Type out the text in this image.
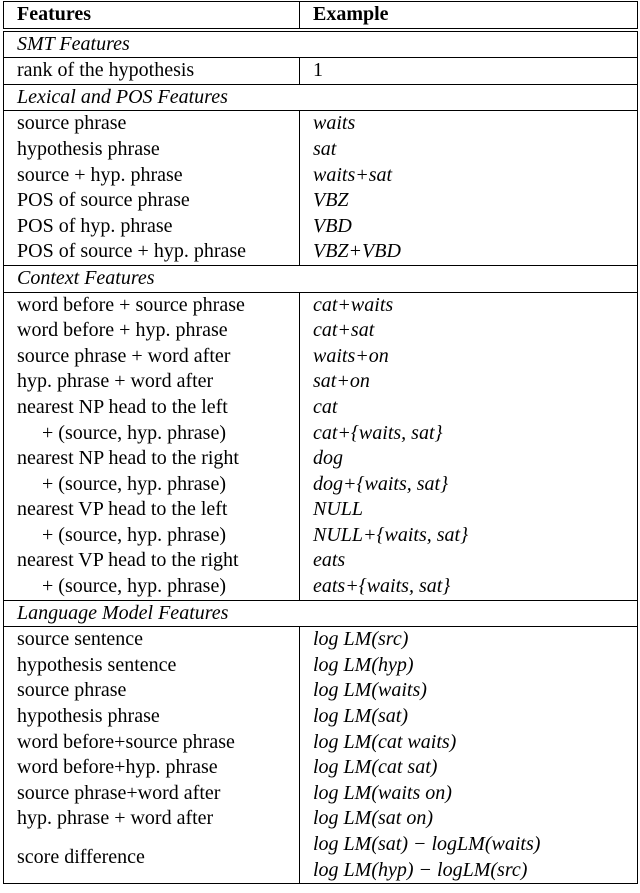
Features	Example
SMT Features	
rank of the hypothesis	1
Lexical and POS Features	
source phrase	waits
hypothesis phrase	sat
source + hyp. phrase	waits+sat
POS of source phrase	VBZ
POS of hyp. phrase	VBD
POS of source + hyp. phrase	VBZ+VBD
Context Features	
word before + source phrase	cat+waits
word before + hyp. phrase	cat+sat
source phrase + word after	waits+on
hyp. phrase + word after	sat+on
nearest NP head to the left	cat
+ (source, hyp. phrase)	cat+{waits, sat}
nearest NP head to the right	dog
+ (source, hyp. phrase)	dog+{waits, sat}
nearest VP head to the left	NULL
+ (source, hyp. phrase)	NULL+{waits, sat}
nearest VP head to the right	eats
+ (source, hyp. phrase)	eats+{waits, sat}
Language Model Features	
source sentence	log LM(src)
hypothesis sentence	log LM(hyp)
source phrase	log LM(waits)
hypothesis phrase	log LM(sat)
word before+source phrase	log LM(cat waits)
word before+hyp. phrase	log LM(cat sat)
source phrase+word after	log LM(waits on)
hyp. phrase + word after	log LM(sat on)
score difference	log LM(sat) − logLM(waits)
log LM(hyp) − logLM(src)
